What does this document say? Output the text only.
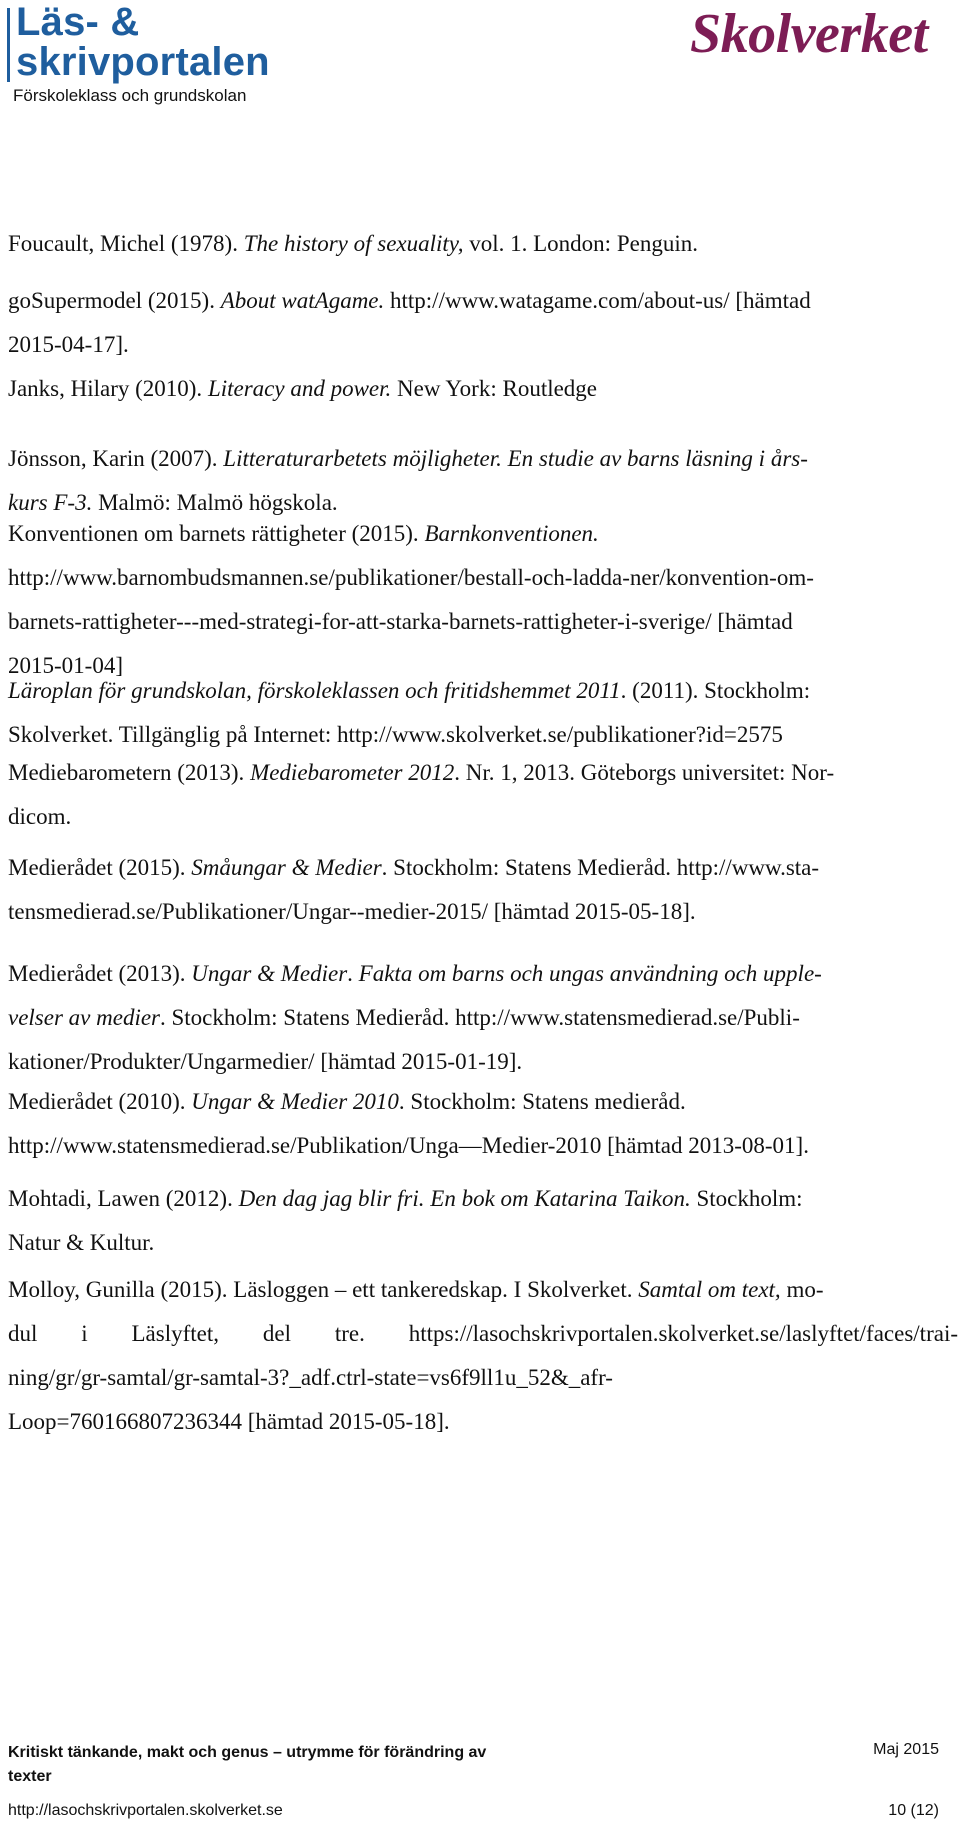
Läs- &
skrivportalen
Förskoleklass och grundskolan
Skolverket
Foucault, Michel (1978). The history of sexuality, vol. 1. London: Penguin.
goSupermodel (2015). About watAgame. http://www.watagame.com/about-us/ [hämtad
2015-04-17].
Janks, Hilary (2010). Literacy and power. New York: Routledge
Jönsson, Karin (2007). Litteraturarbetets möjligheter. En studie av barns läsning i års-
kurs F-3. Malmö: Malmö högskola.
Konventionen om barnets rättigheter (2015). Barnkonventionen.
http://www.barnombudsmannen.se/publikationer/bestall-och-ladda-ner/konvention-om-
barnets-rattigheter---med-strategi-for-att-starka-barnets-rattigheter-i-sverige/ [hämtad
2015-01-04]
Läroplan för grundskolan, förskoleklassen och fritidshemmet 2011. (2011). Stockholm:
Skolverket. Tillgänglig på Internet: http://www.skolverket.se/publikationer?id=2575
Mediebarometern (2013). Mediebarometer 2012. Nr. 1, 2013. Göteborgs universitet: Nor-
dicom.
Medierådet (2015). Småungar & Medier. Stockholm: Statens Medieråd. http://www.sta-
tensmedierad.se/Publikationer/Ungar--medier-2015/ [hämtad 2015-05-18].
Medierådet (2013). Ungar & Medier. Fakta om barns och ungas användning och upple-
velser av medier. Stockholm: Statens Medieråd. http://www.statensmedierad.se/Publi-
kationer/Produkter/Ungarmedier/ [hämtad 2015-01-19].
Medierådet (2010). Ungar & Medier 2010. Stockholm: Statens medieråd.
http://www.statensmedierad.se/Publikation/Unga—Medier-2010 [hämtad 2013-08-01].
Mohtadi, Lawen (2012). Den dag jag blir fri. En bok om Katarina Taikon. Stockholm:
Natur & Kultur.
Molloy, Gunilla (2015). Läsloggen – ett tankeredskap. I Skolverket. Samtal om text, mo-
dul i Läslyftet, del tre. https://lasochskrivportalen.skolverket.se/laslyftet/faces/trai-
ning/gr/gr-samtal/gr-samtal-3?_adf.ctrl-state=vs6f9ll1u_52&_afr-
Loop=760166807236344 [hämtad 2015-05-18].
Kritiskt tänkande, makt och genus – utrymme för förändring av
texter
Maj 2015
http://lasochskrivportalen.skolverket.se	10 (12)
